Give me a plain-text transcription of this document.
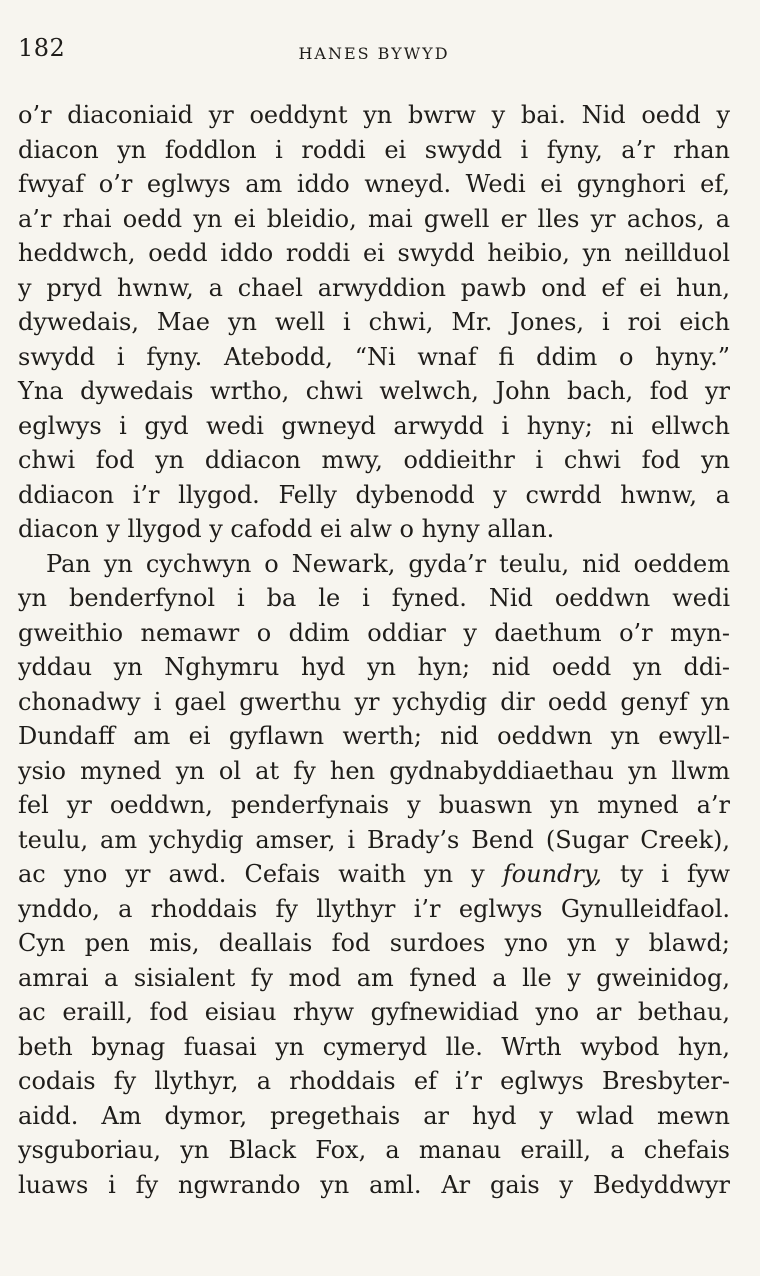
182	HANES BYWYD
o’r diaconiaid yr oeddynt yn bwrw y bai. Nid oedd y
diacon yn foddlon i roddi ei swydd i fyny, a’r rhan
fwyaf o’r eglwys am iddo wneyd. Wedi ei gynghori ef,
a’r rhai oedd yn ei bleidio, mai gwell er lles yr achos, a
heddwch, oedd iddo roddi ei swydd heibio, yn neillduol
y pryd hwnw, a chael arwyddion pawb ond ef ei hun,
dywedais, Mae yn well i chwi, Mr. Jones, i roi eich
swydd i fyny. Atebodd, “Ni wnaf fi ddim o hyny.”
Yna dywedais wrtho, chwi welwch, John bach, fod yr
eglwys i gyd wedi gwneyd arwydd i hyny; ni ellwch
chwi fod yn ddiacon mwy, oddieithr i chwi fod yn
ddiacon i’r llygod. Felly dybenodd y cwrdd hwnw, a
diacon y llygod y cafodd ei alw o hyny allan.
Pan yn cychwyn o Newark, gyda’r teulu, nid oeddem
yn benderfynol i ba le i fyned. Nid oeddwn wedi
gweithio nemawr o ddim oddiar y daethum o’r myn-
yddau yn Nghymru hyd yn hyn; nid oedd yn ddi-
chonadwy i gael gwerthu yr ychydig dir oedd genyf yn
Dundaff am ei gyflawn werth; nid oeddwn yn ewyll-
ysio myned yn ol at fy hen gydnabyddiaethau yn llwm
fel yr oeddwn, penderfynais y buaswn yn myned a’r
teulu, am ychydig amser, i Brady’s Bend (Sugar Creek),
ac yno yr awd. Cefais waith yn y foundry, ty i fyw
ynddo, a rhoddais fy llythyr i’r eglwys Gynulleidfaol.
Cyn pen mis, deallais fod surdoes yno yn y blawd;
amrai a sisialent fy mod am fyned a lle y gweinidog,
ac eraill, fod eisiau rhyw gyfnewidiad yno ar bethau,
beth bynag fuasai yn cymeryd lle. Wrth wybod hyn,
codais fy llythyr, a rhoddais ef i’r eglwys Bresbyter-
aidd. Am dymor, pregethais ar hyd y wlad mewn
ysguboriau, yn Black Fox, a manau eraill, a chefais
luaws i fy ngwrando yn aml. Ar gais y Bedyddwyr
